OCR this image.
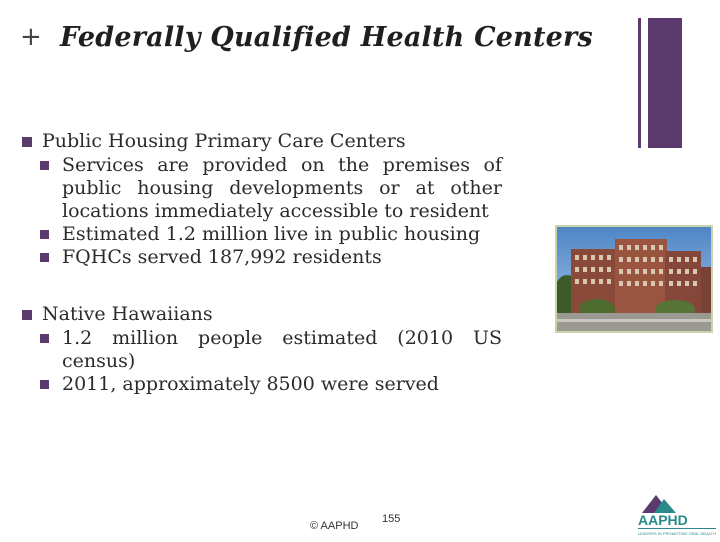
+ Federally Qualified Health Centers
Public Housing Primary Care Centers
Services are provided on the premises of public housing developments or at other locations immediately accessible to resident
Estimated 1.2 million live in public housing
FQHCs served 187,992 residents
Native Hawaiians
1.2 million people estimated (2010 US census)
2011, approximately 8500 were served
© AAPHD
155	AAPHD
LEADERS IN PROMOTING ORAL HEALTH
